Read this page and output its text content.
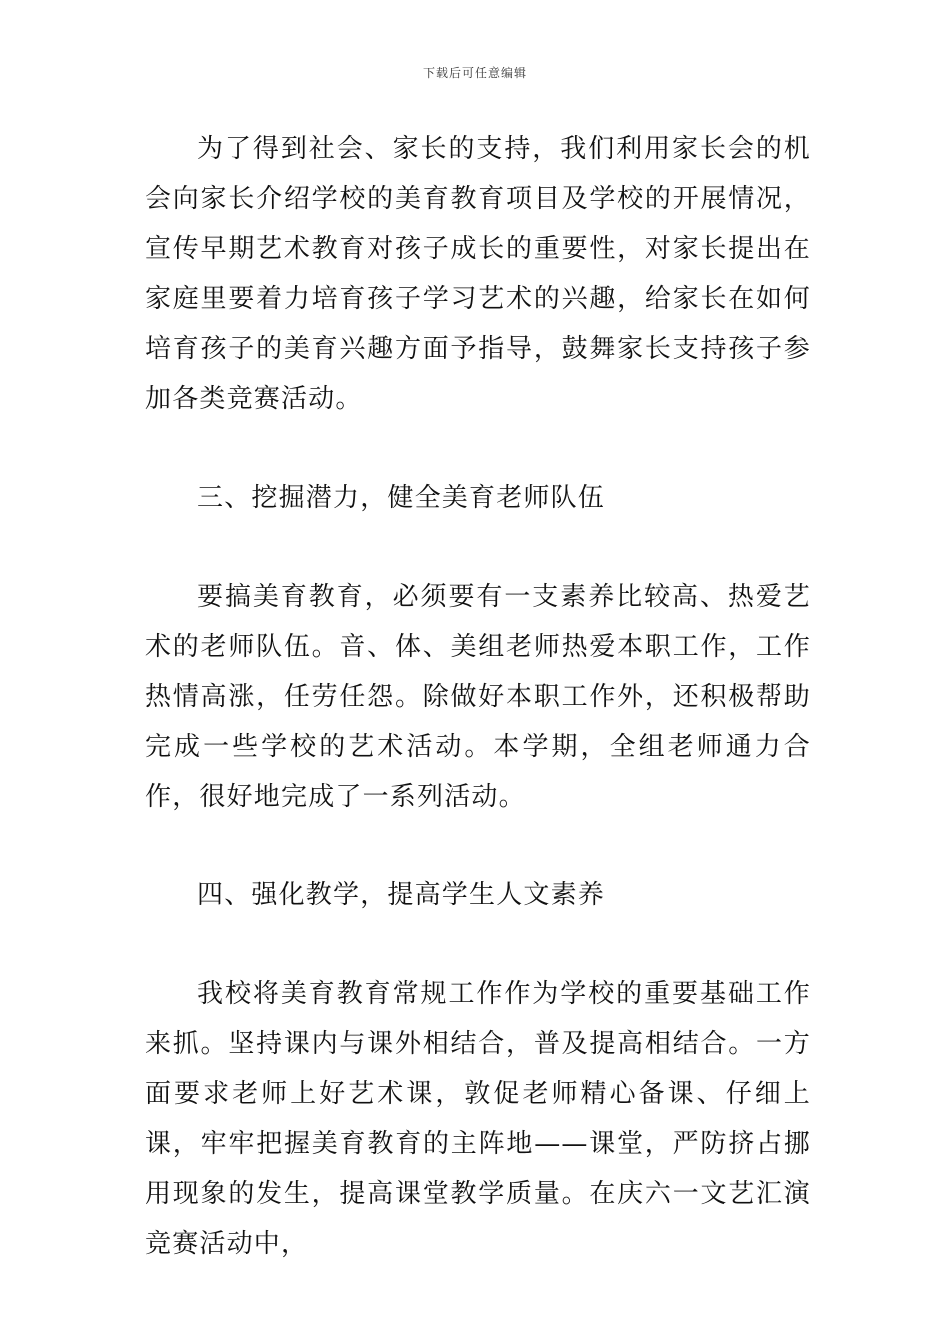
下载后可任意编辑

为了得到社会、家长的支持，我们利用家长会的机会向家长介绍学校的美育教育项目及学校的开展情况，宣传早期艺术教育对孩子成长的重要性，对家长提出在家庭里要着力培育孩子学习艺术的兴趣，给家长在如何培育孩子的美育兴趣方面予指导，鼓舞家长支持孩子参加各类竞赛活动。

三、挖掘潜力，健全美育老师队伍

要搞美育教育，必须要有一支素养比较高、热爱艺术的老师队伍。音、体、美组老师热爱本职工作，工作热情高涨，任劳任怨。除做好本职工作外，还积极帮助完成一些学校的艺术活动。本学期，全组老师通力合作，很好地完成了一系列活动。

四、强化教学，提高学生人文素养

我校将美育教育常规工作作为学校的重要基础工作来抓。坚持课内与课外相结合，普及提高相结合。一方面要求老师上好艺术课，敦促老师精心备课、仔细上课，牢牢把握美育教育的主阵地——课堂，严防挤占挪用现象的发生，提高课堂教学质量。在庆六一文艺汇演竞赛活动中，
